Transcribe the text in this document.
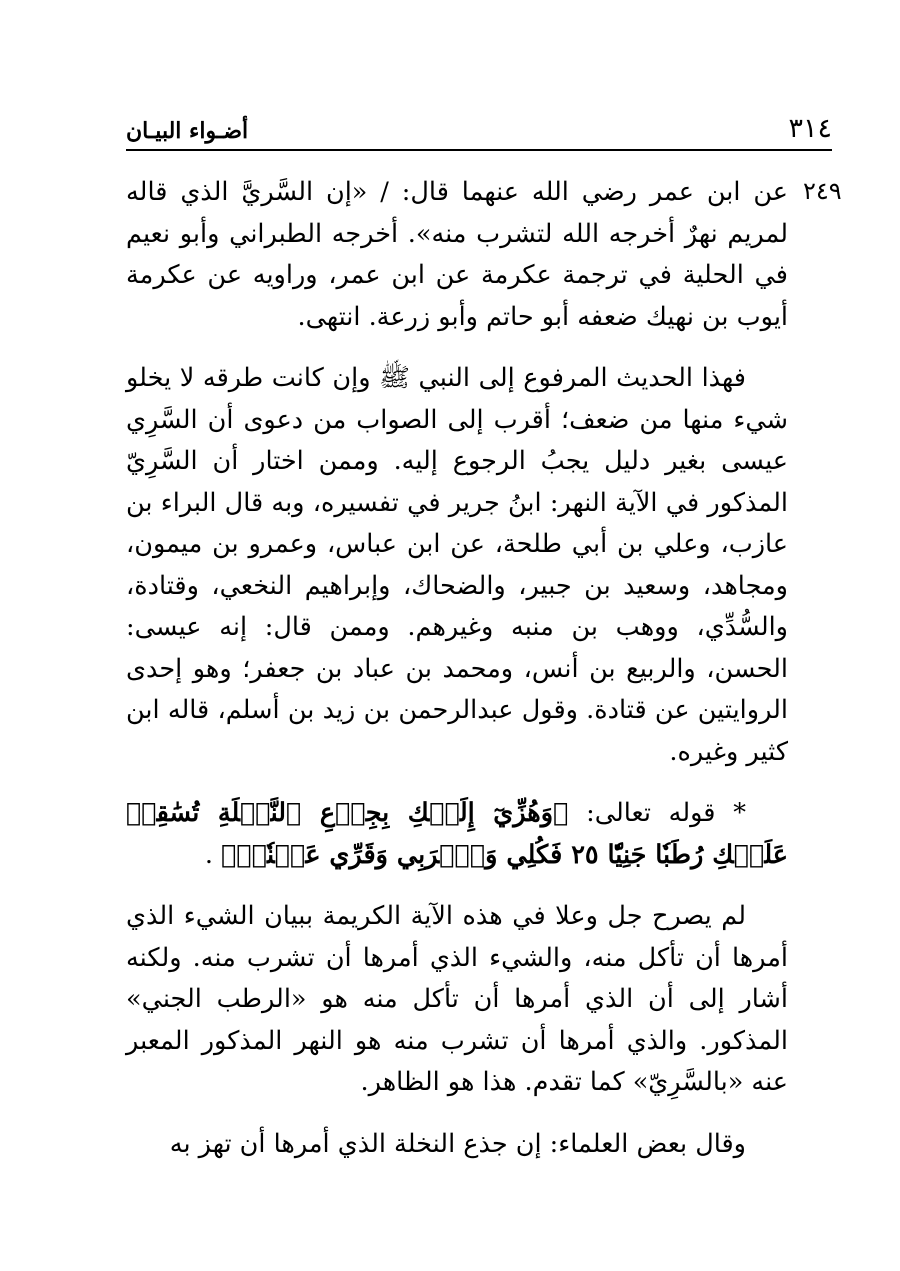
٣١٤
أضـواء البيـان
٢٤٩

عن ابن عمر رضي الله عنهما قال: / «إن السَّريَّ الذي قاله لمريم نهرٌ أخرجه الله لتشرب منه». أخرجه الطبراني وأبو نعيم في الحلية في ترجمة عكرمة عن ابن عمر، وراويه عن عكرمة أيوب بن نهيك ضعفه أبو حاتم وأبو زرعة. انتهى.

فهذا الحديث المرفوع إلى النبي ﷺ وإن كانت طرقه لا يخلو شيء منها من ضعف؛ أقرب إلى الصواب من دعوى أن السَّرِي عيسى بغير دليل يجبُ الرجوع إليه. وممن اختار أن السَّرِيّ المذكور في الآية النهر: ابنُ جرير في تفسيره، وبه قال البراء بن عازب، وعلي بن أبي طلحة، عن ابن عباس، وعمرو بن ميمون، ومجاهد، وسعيد بن جبير، والضحاك، وإبراهيم النخعي، وقتادة، والسُّدِّي، ووهب بن منبه وغيرهم. وممن قال: إنه عيسى: الحسن، والربيع بن أنس، ومحمد بن عباد بن جعفر؛ وهو إحدى الروايتين عن قتادة. وقول عبدالرحمن بن زيد بن أسلم، قاله ابن كثير وغيره.

* قوله تعالى: ﴿وَهُزِّيٓ إِلَيۡكِ بِجِذۡعِ ٱلنَّخۡلَةِ تُسَٰقِطۡ عَلَيۡكِ رُطَبٗا جَنِيّٗا ٢٥ فَكُلِي وَٱشۡرَبِي وَقَرِّي عَيۡنٗاۖ﴾ .

لم يصرح جل وعلا في هذه الآية الكريمة ببيان الشيء الذي أمرها أن تأكل منه، والشيء الذي أمرها أن تشرب منه. ولكنه أشار إلى أن الذي أمرها أن تأكل منه هو «الرطب الجني» المذكور. والذي أمرها أن تشرب منه هو النهر المذكور المعبر عنه «بالسَّرِيّ» كما تقدم. هذا هو الظاهر.

وقال بعض العلماء: إن جذع النخلة الذي أمرها أن تهز به
